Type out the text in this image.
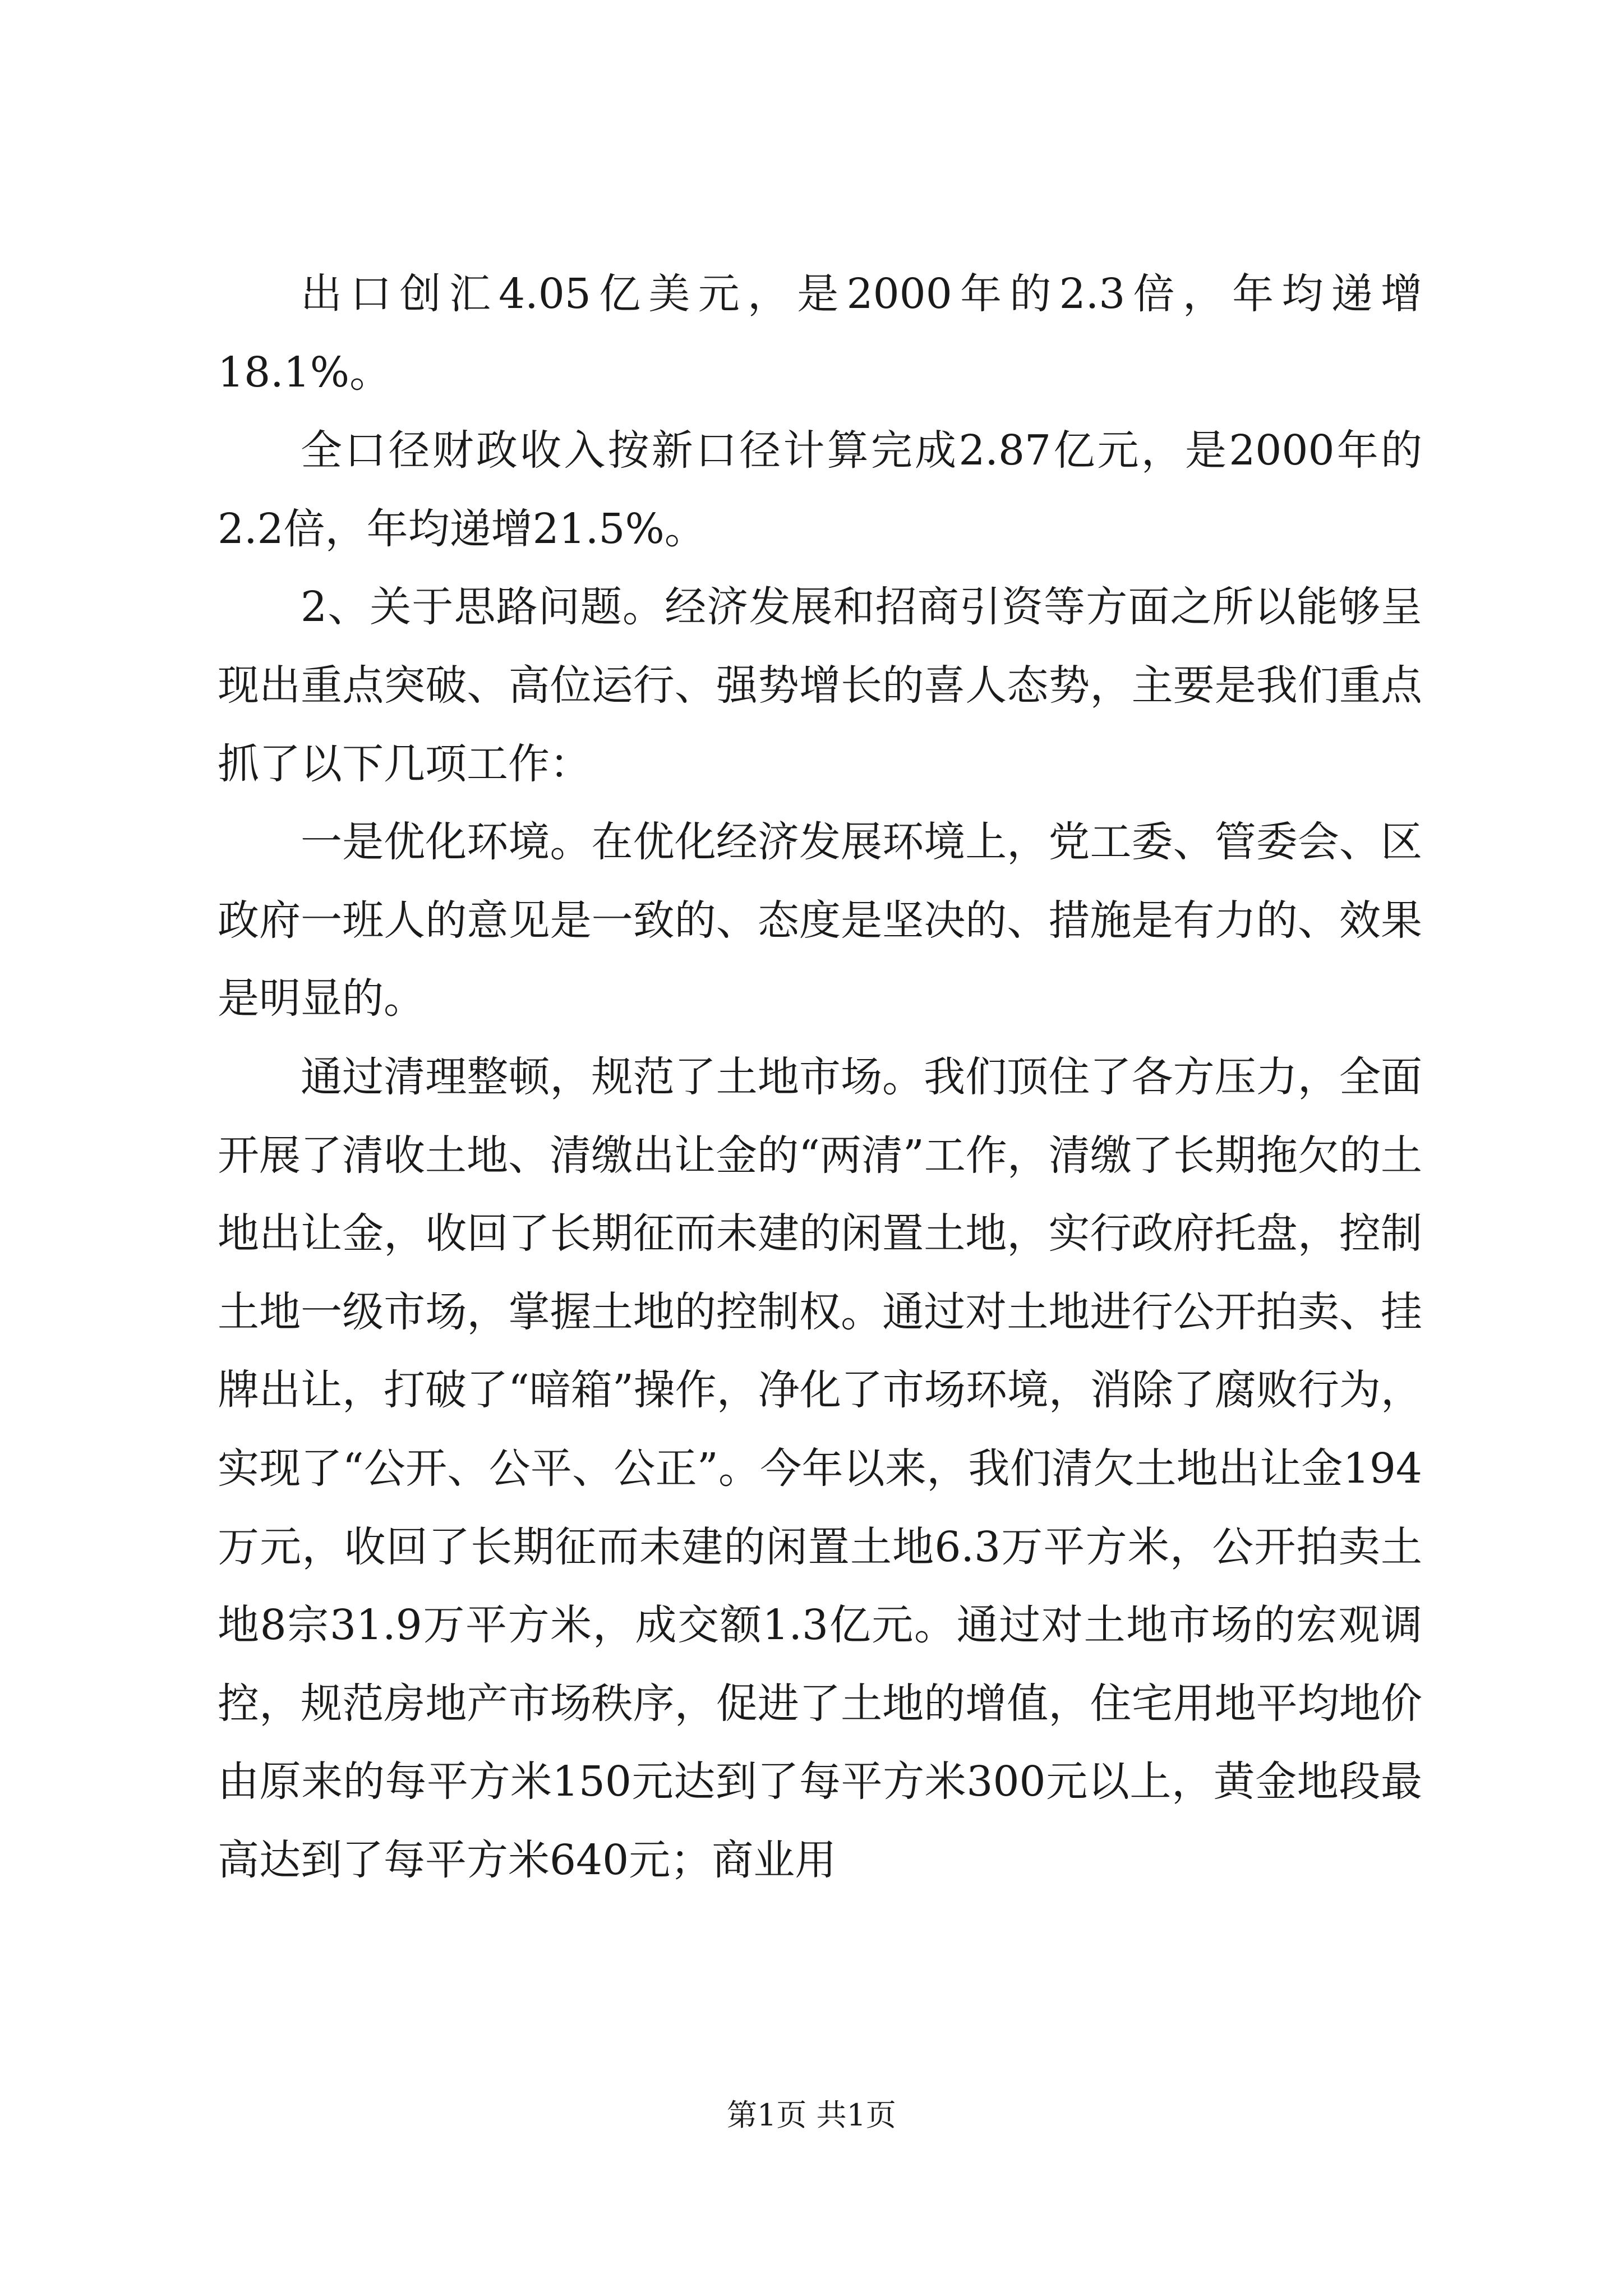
出口创汇4.05亿美元，是2000年的2.3倍，年均递增18.1%。

全口径财政收入按新口径计算完成2.87亿元，是2000年的2.2倍，年均递增21.5%。

2、关于思路问题。经济发展和招商引资等方面之所以能够呈现出重点突破、高位运行、强势增长的喜人态势，主要是我们重点抓了以下几项工作：

一是优化环境。在优化经济发展环境上，党工委、管委会、区政府一班人的意见是一致的、态度是坚决的、措施是有力的、效果是明显的。

通过清理整顿，规范了土地市场。我们顶住了各方压力，全面开展了清收土地、清缴出让金的“两清”工作，清缴了长期拖欠的土地出让金，收回了长期征而未建的闲置土地，实行政府托盘，控制土地一级市场，掌握土地的控制权。通过对土地进行公开拍卖、挂牌出让，打破了“暗箱”操作，净化了市场环境，消除了腐败行为，实现了“公开、公平、公正”。今年以来，我们清欠土地出让金194万元，收回了长期征而未建的闲置土地6.3万平方米，公开拍卖土地8宗31.9万平方米，成交额1.3亿元。通过对土地市场的宏观调控，规范房地产市场秩序，促进了土地的增值，住宅用地平均地价由原来的每平方米150元达到了每平方米300元以上，黄金地段最高达到了每平方米640元；商业用

第1页 共1页
